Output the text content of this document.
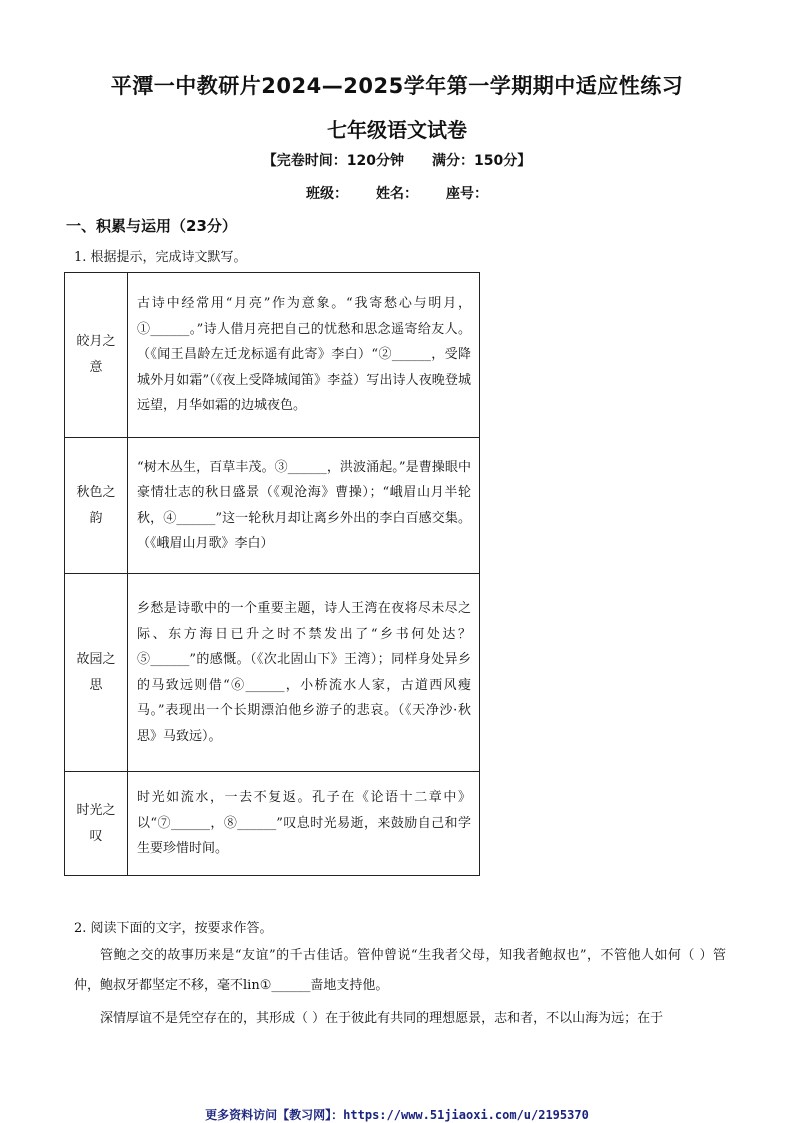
平潭一中教研片2024—2025学年第一学期期中适应性练习
七年级语文试卷
【完卷时间：120分钟 满分：150分】
班级： 姓名： 座号：
一、积累与运用（23分）
1. 根据提示，完成诗文默写。
皎月之
意	古诗中经常用“月亮”作为意象。“我寄愁心与明月，①______。”诗人借月亮把自己的忧愁和思念遥寄给友人。（《闻王昌龄左迁龙标遥有此寄》李白）“②______，受降城外月如霜”（《夜上受降城闻笛》李益）写出诗人夜晚登城远望，月华如霜的边城夜色。
秋色之
韵	“树木丛生，百草丰茂。③______，洪波涌起。”是曹操眼中豪情壮志的秋日盛景（《观沧海》曹操）；“峨眉山月半轮秋，④______”这一轮秋月却让离乡外出的李白百感交集。（《峨眉山月歌》李白）
故园之
思	乡愁是诗歌中的一个重要主题，诗人王湾在夜将尽未尽之际、东方海日已升之时不禁发出了“乡书何处达？⑤______”的感慨。（《次北固山下》王湾）；同样身处异乡的马致远则借“⑥______，小桥流水人家，古道西风瘦马。”表现出一个长期漂泊他乡游子的悲哀。（《天净沙·秋思》马致远）。
时光之
叹	时光如流水，一去不复返。孔子在《论语十二章中》以“⑦______，⑧______”叹息时光易逝，来鼓励自己和学生要珍惜时间。
2. 阅读下面的文字，按要求作答。
管鲍之交的故事历来是“友谊”的千古佳话。管仲曾说“生我者父母，知我者鲍叔也”，不管他人如何（ ）管仲，鲍叔牙都坚定不移，毫不lin①______啬地支持他。
深情厚谊不是凭空存在的，其形成（ ）在于彼此有共同的理想愿景，志和者，不以山海为远；在于
更多资料访问【教习网】：https://www.51jiaoxi.com/u/2195370
